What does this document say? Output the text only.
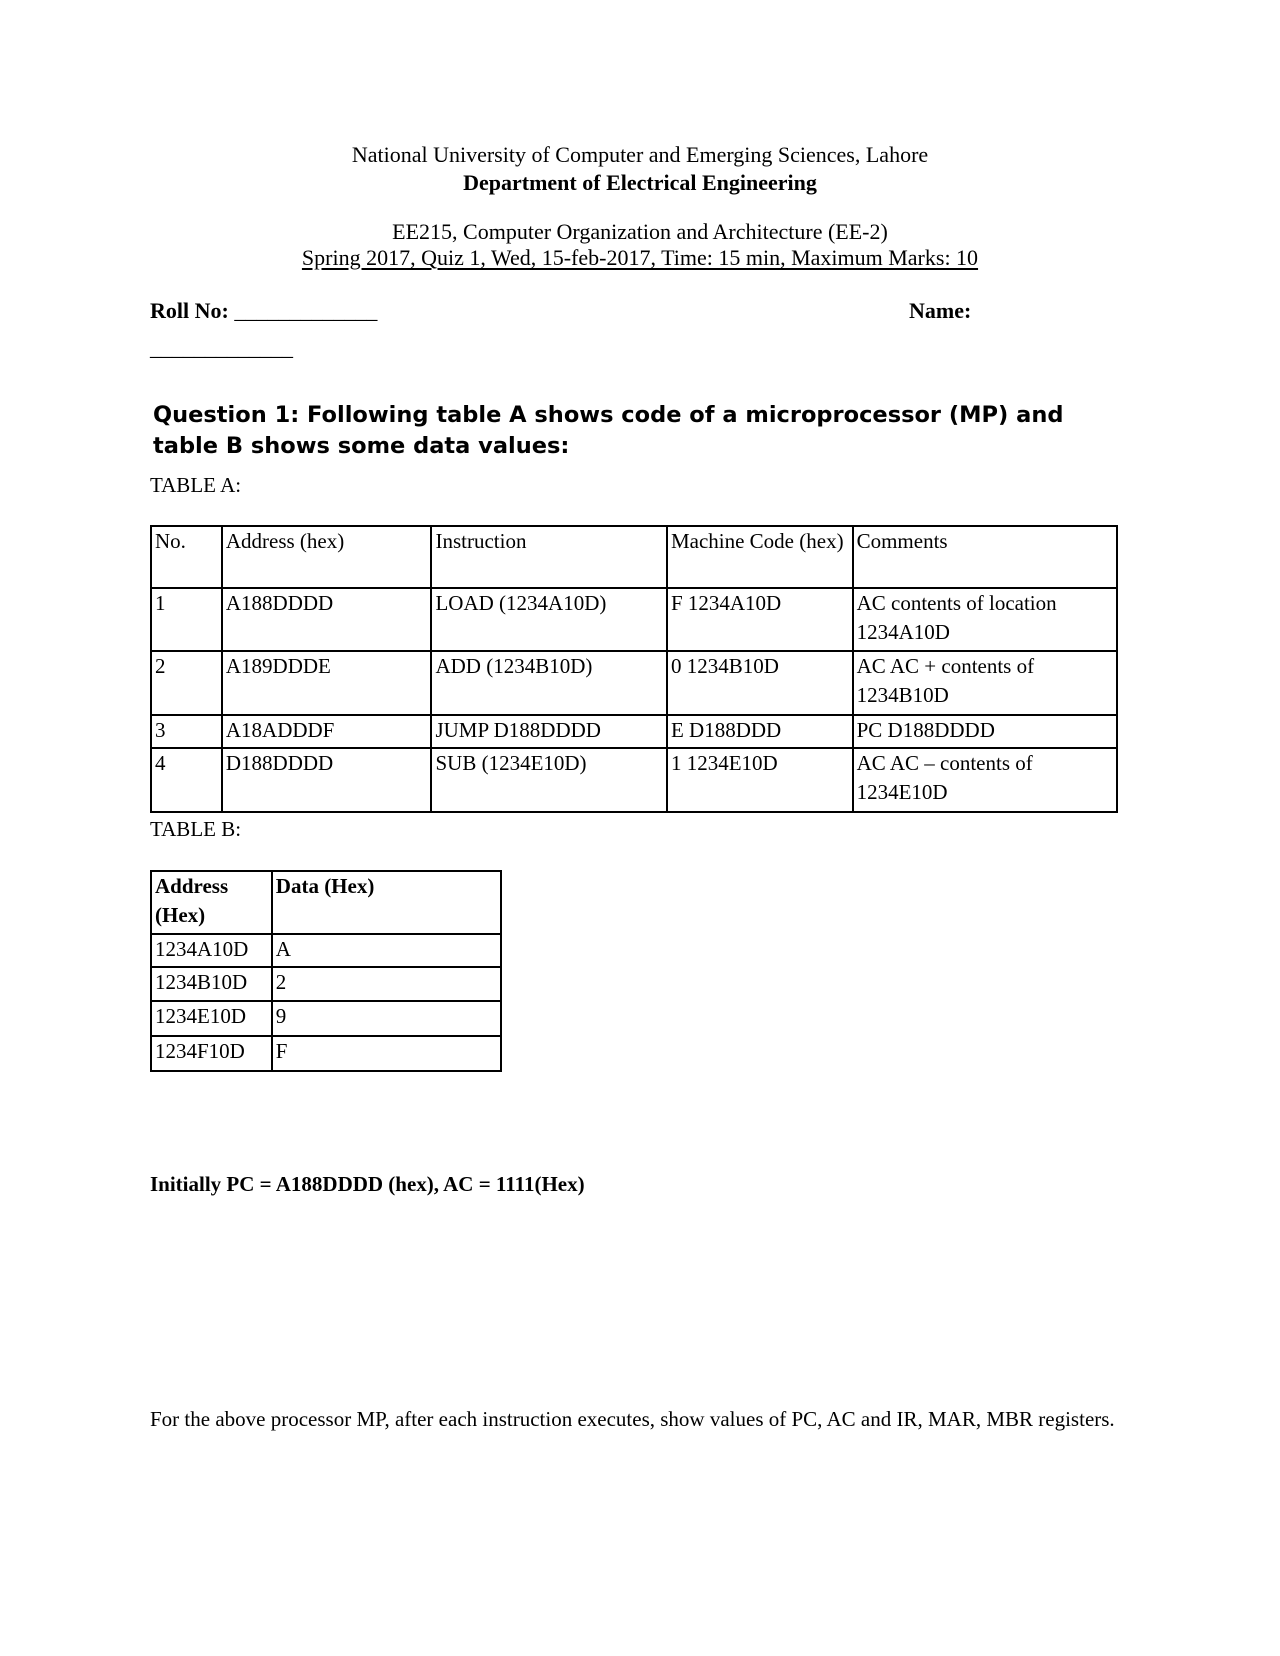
National University of Computer and Emerging Sciences, Lahore
Department of Electrical Engineering
EE215, Computer Organization and Architecture (EE-2)
Spring 2017, Quiz 1, Wed, 15-feb-2017, Time: 15 min, Maximum Marks: 10
Roll No: _____________	Name:
_____________
Question 1: Following table A shows code of a microprocessor (MP) and table B shows some data values:
TABLE A:
No.	Address (hex)	Instruction	Machine Code (hex)	Comments
1	A188DDDD	LOAD (1234A10D)	F 1234A10D	AC contents of location 1234A10D
2	A189DDDE	ADD (1234B10D)	0 1234B10D	AC AC + contents of 1234B10D
3	A18ADDDF	JUMP D188DDDD	E D188DDD	PC D188DDDD
4	D188DDDD	SUB (1234E10D)	1 1234E10D	AC AC – contents of 1234E10D
TABLE B:
Address (Hex)	Data (Hex)
1234A10D	A
1234B10D	2
1234E10D	9
1234F10D	F
Initially PC = A188DDDD (hex), AC = 1111(Hex)
For the above processor MP, after each instruction executes, show values of PC, AC and IR, MAR, MBR registers.
